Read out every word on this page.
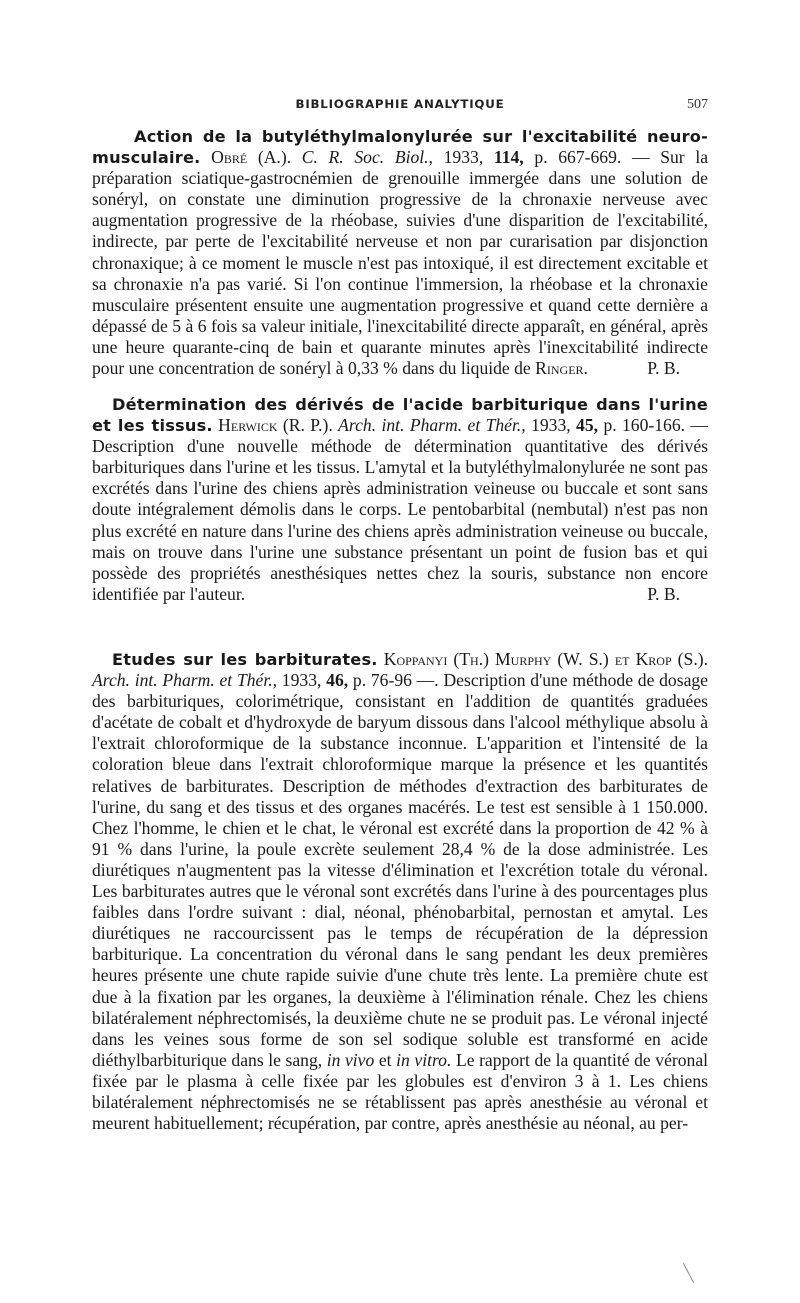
BIBLIOGRAPHIE ANALYTIQUE	507
Action de la butyléthylmalonylurée sur l'excitabilité neuro-musculaire. Obré (A.). C. R. Soc. Biol., 1933, 114, p. 667-669. — Sur la préparation sciatique-gastrocnémien de grenouille immergée dans une solution de sonéryl, on constate une diminution progressive de la chronaxie nerveuse avec augmentation progressive de la rhéobase, suivies d'une disparition de l'excitabilité, indirecte, par perte de l'excitabilité nerveuse et non par curarisation par disjonction chronaxique; à ce moment le muscle n'est pas intoxiqué, il est directement excitable et sa chronaxie n'a pas varié. Si l'on continue l'immersion, la rhéobase et la chronaxie musculaire présentent ensuite une augmentation progressive et quand cette dernière a dépassé de 5 à 6 fois sa valeur initiale, l'inexcitabilité directe apparaît, en général, après une heure quarante-cinq de bain et quarante minutes après l'inexcitabilité indirecte pour une concentration de sonéryl à 0,33 % dans du liquide de Ringer.	P. B.
Détermination des dérivés de l'acide barbiturique dans l'urine et les tissus. Herwick (R. P.). Arch. int. Pharm. et Thér., 1933, 45, p. 160-166. — Description d'une nouvelle méthode de détermination quantitative des dérivés barbituriques dans l'urine et les tissus. L'amytal et la butyléthylmalonylurée ne sont pas excrétés dans l'urine des chiens après administration veineuse ou buccale et sont sans doute intégralement démolis dans le corps. Le pentobarbital (nembutal) n'est pas non plus excrété en nature dans l'urine des chiens après administration veineuse ou buccale, mais on trouve dans l'urine une substance présentant un point de fusion bas et qui possède des propriétés anesthésiques nettes chez la souris, substance non encore identifiée par l'auteur.	P. B.
Etudes sur les barbiturates. Koppanyi (Th.) Murphy (W. S.) et Krop (S.). Arch. int. Pharm. et Thér., 1933, 46, p. 76-96 —. Description d'une méthode de dosage des barbituriques, colorimétrique, consistant en l'addition de quantités graduées d'acétate de cobalt et d'hydroxyde de baryum dissous dans l'alcool méthylique absolu à l'extrait chloroformique de la substance inconnue. L'apparition et l'intensité de la coloration bleue dans l'extrait chloroformique marque la présence et les quantités relatives de barbiturates. Description de méthodes d'extraction des barbiturates de l'urine, du sang et des tissus et des organes macérés. Le test est sensible à 1 150.000. Chez l'homme, le chien et le chat, le véronal est excrété dans la proportion de 42 % à 91 % dans l'urine, la poule excrète seulement 28,4 % de la dose administrée. Les diurétiques n'augmentent pas la vitesse d'élimination et l'excrétion totale du véronal. Les barbiturates autres que le véronal sont excrétés dans l'urine à des pourcentages plus faibles dans l'ordre suivant : dial, néonal, phénobarbital, pernostan et amytal. Les diurétiques ne raccourcissent pas le temps de récupération de la dépression barbiturique. La concentration du véronal dans le sang pendant les deux premières heures présente une chute rapide suivie d'une chute très lente. La première chute est due à la fixation par les organes, la deuxième à l'élimination rénale. Chez les chiens bilatéralement néphrectomisés, la deuxième chute ne se produit pas. Le véronal injecté dans les veines sous forme de son sel sodique soluble est transformé en acide diéthylbarbiturique dans le sang, in vivo et in vitro. Le rapport de la quantité de véronal fixée par le plasma à celle fixée par les globules est d'environ 3 à 1. Les chiens bilatéralement néphrectomisés ne se rétablissent pas après anesthésie au véronal et meurent habituellement; récupération, par contre, après anesthésie au néonal, au per-
